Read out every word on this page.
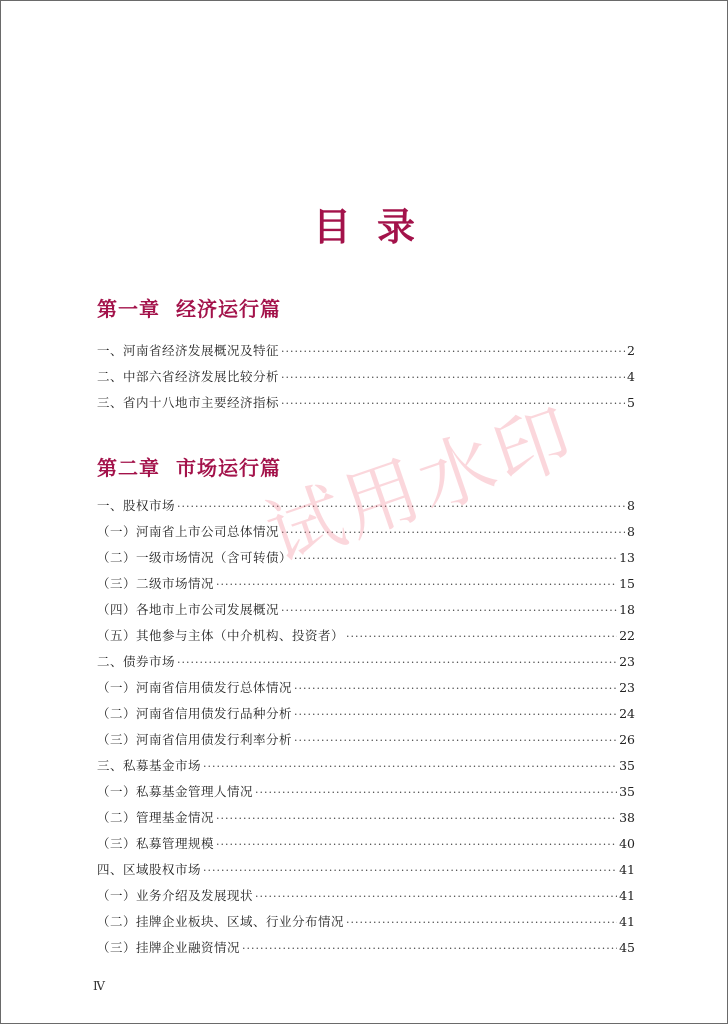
目录
第一章 经济运行篇
一、河南省经济发展概况及特征 ·····	2
二、中部六省经济发展比较分析 ·····	4
三、省内十八地市主要经济指标 ·····	5
第二章 市场运行篇
一、股权市场 ·····	8
（一）河南省上市公司总体情况 ·····	8
（二）一级市场情况（含可转债） ·····	13
（三）二级市场情况 ·····	15
（四）各地市上市公司发展概况 ·····	18
（五）其他参与主体（中介机构、投资者） ·····	22
二、债券市场 ·····	23
（一）河南省信用债发行总体情况 ·····	23
（二）河南省信用债发行品种分析 ·····	24
（三）河南省信用债发行利率分析 ·····	26
三、私募基金市场 ·····	35
（一）私募基金管理人情况 ·····	35
（二）管理基金情况 ·····	38
（三）私募管理规模 ·····	40
四、区域股权市场 ·····	41
（一）业务介绍及发展现状 ·····	41
（二）挂牌企业板块、区域、行业分布情况 ·····	41
（三）挂牌企业融资情况 ·····	45
Ⅳ
试用水印
